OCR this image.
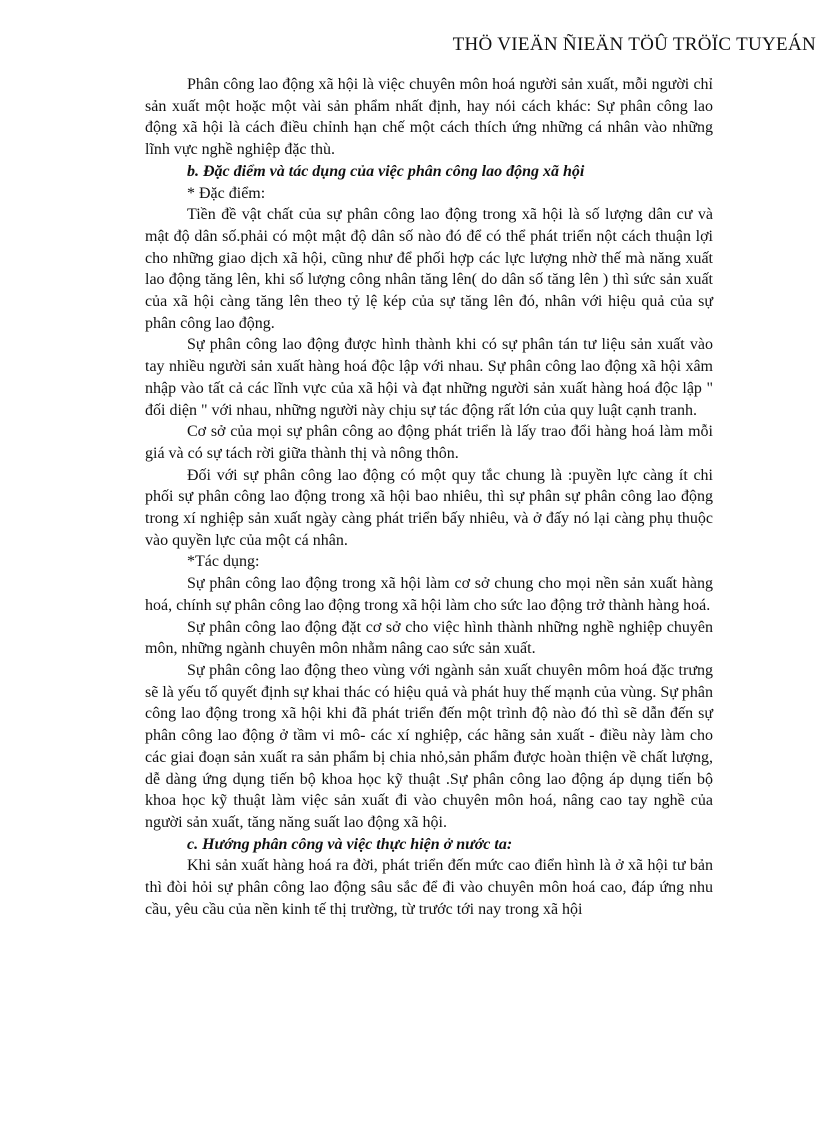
THÖ VIEÄN ÑIEÄN TÖÛ TRÖÏC TUYEÁN

Phân công lao động xã hội là việc chuyên môn hoá người sản xuất, mỗi người chỉ sản xuất một hoặc một vài sản phẩm nhất định, hay nói cách khác: Sự phân công lao động xã hội là cách điều chỉnh hạn chế một cách thích ứng những cá nhân vào những lĩnh vực nghề nghiệp đặc thù.

b. Đặc điểm và tác dụng của việc phân công lao động xã hội

* Đặc điểm:

Tiền đề vật chất của sự phân công lao động trong xã hội là số lượng dân cư và mật độ dân số.phải có một mật độ dân số nào đó để có thể phát triển nột cách thuận lợi cho những giao dịch xã hội, cũng như để phối hợp các lực lượng nhờ thế mà năng xuất lao động tăng lên, khi số lượng công nhân tăng lên( do dân số tăng lên ) thì sức sản xuất của xã hội càng tăng lên theo tỷ lệ kép của sự tăng lên đó, nhân với hiệu quả của sự phân công lao động.

Sự phân công lao động được hình thành khi có sự phân tán tư liệu sản xuất vào tay nhiều người sản xuất hàng hoá độc lập với nhau. Sự phân công lao động xã hội xâm nhập vào tất cả các lĩnh vực của xã hội và đạt những người sản xuất hàng hoá độc lập " đối diện " với nhau, những người này chịu sự tác động rất lớn của quy luật cạnh tranh.

Cơ sở của mọi sự phân công ao động phát triển là lấy trao đổi hàng hoá làm mỗi giá và có sự tách rời giữa thành thị và nông thôn.

Đối với sự phân công lao động có một quy tắc chung là :puyền lực càng ít chi phối sự phân công lao động trong xã hội bao nhiêu, thì sự phân sự phân công lao động trong xí nghiệp sản xuất ngày càng phát triển bấy nhiêu, và ở đấy nó lại càng phụ thuộc vào quyền lực của một cá nhân.

*Tác dụng:

Sự phân công lao động trong xã hội làm cơ sở chung cho mọi nền sản xuất hàng hoá, chính sự phân công lao động trong xã hội làm cho sức lao động trở thành hàng hoá.

Sự phân công lao động đặt cơ sở cho việc hình thành những nghề nghiệp chuyên môn, những ngành chuyên môn nhằm nâng cao sức sản xuất.

Sự phân công lao động theo vùng với ngành sản xuất chuyên môm hoá đặc trưng sẽ là yếu tố quyết định sự khai thác có hiệu quả và phát huy thế mạnh của vùng. Sự phân công lao động trong xã hội khi đã phát triển đến một trình độ nào đó thì sẽ dẫn đến sự phân công lao động ở tầm vi mô- các xí nghiệp, các hãng sản xuất - điều này làm cho các giai đoạn sản xuất ra sản phẩm bị chia nhỏ,sản phẩm được hoàn thiện về chất lượng, dễ dàng ứng dụng tiến bộ khoa học kỹ thuật .Sự phân công lao động áp dụng tiến bộ khoa học kỹ thuật làm việc sản xuất đi vào chuyên môn hoá, nâng cao tay nghề của người sản xuất, tăng năng suất lao động xã hội.

c. Hướng phân công và việc thực hiện ở nước ta:

Khi sản xuất hàng hoá ra đời, phát triển đến mức cao điển hình là ở xã hội tư bản thì đòi hỏi sự phân công lao động sâu sắc để đi vào chuyên môn hoá cao, đáp ứng nhu cầu, yêu cầu của nền kinh tế thị trường, từ trước tới nay trong xã hội
